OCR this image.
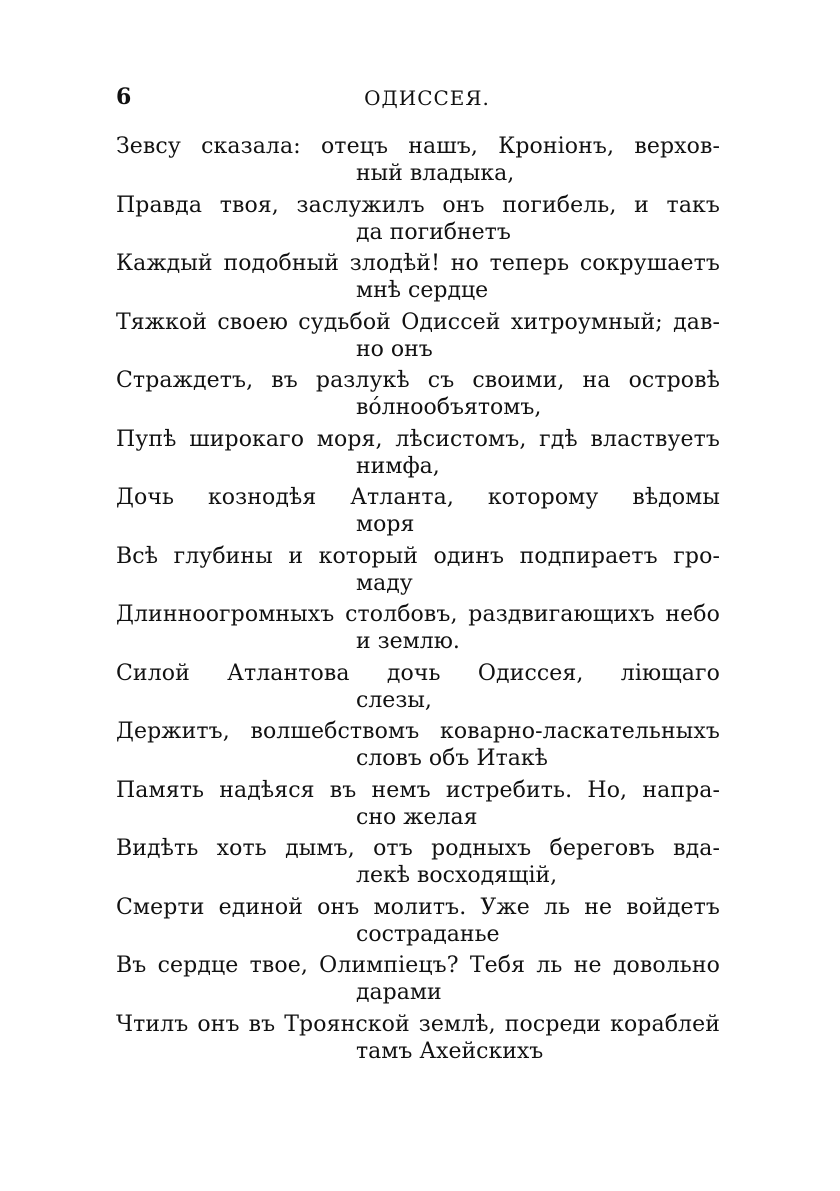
6	ОДИССЕЯ.
Зевсу сказала: отецъ нашъ, Кроніонъ, верхов-
ный владыка,
Правда твоя, заслужилъ онъ погибель, и такъ
да погибнетъ
Каждый подобный злодѣй! но теперь сокрушаетъ
мнѣ сердце
Тяжкой своею судьбой Одиссей хитроумный; дав-
но онъ
Страждетъ, въ разлукѣ съ своими, на островѣ
вóлнообъятомъ,
Пупѣ широкаго моря, лѣсистомъ, гдѣ властвуетъ
нимфа,
Дочь кознодѣя Атланта, которому вѣдомы
моря
Всѣ глубины и который одинъ подпираетъ гро-
маду
Длинноогромныхъ столбовъ, раздвигающихъ небо
и землю.
Силой Атлантова дочь Одиссея, ліющаго
слезы,
Держитъ, волшебствомъ коварно-ласкательныхъ
словъ объ Итакѣ
Память надѣяся въ немъ истребить. Но, напра-
сно желая
Видѣть хоть дымъ, отъ родныхъ береговъ вда-
лекѣ восходящій,
Смерти единой онъ молитъ. Уже ль не войдетъ
состраданье
Въ сердце твое, Олимпіецъ? Тебя ль не довольно
дарами
Чтилъ онъ въ Троянской землѣ, посреди кораблей
тамъ Ахейскихъ
